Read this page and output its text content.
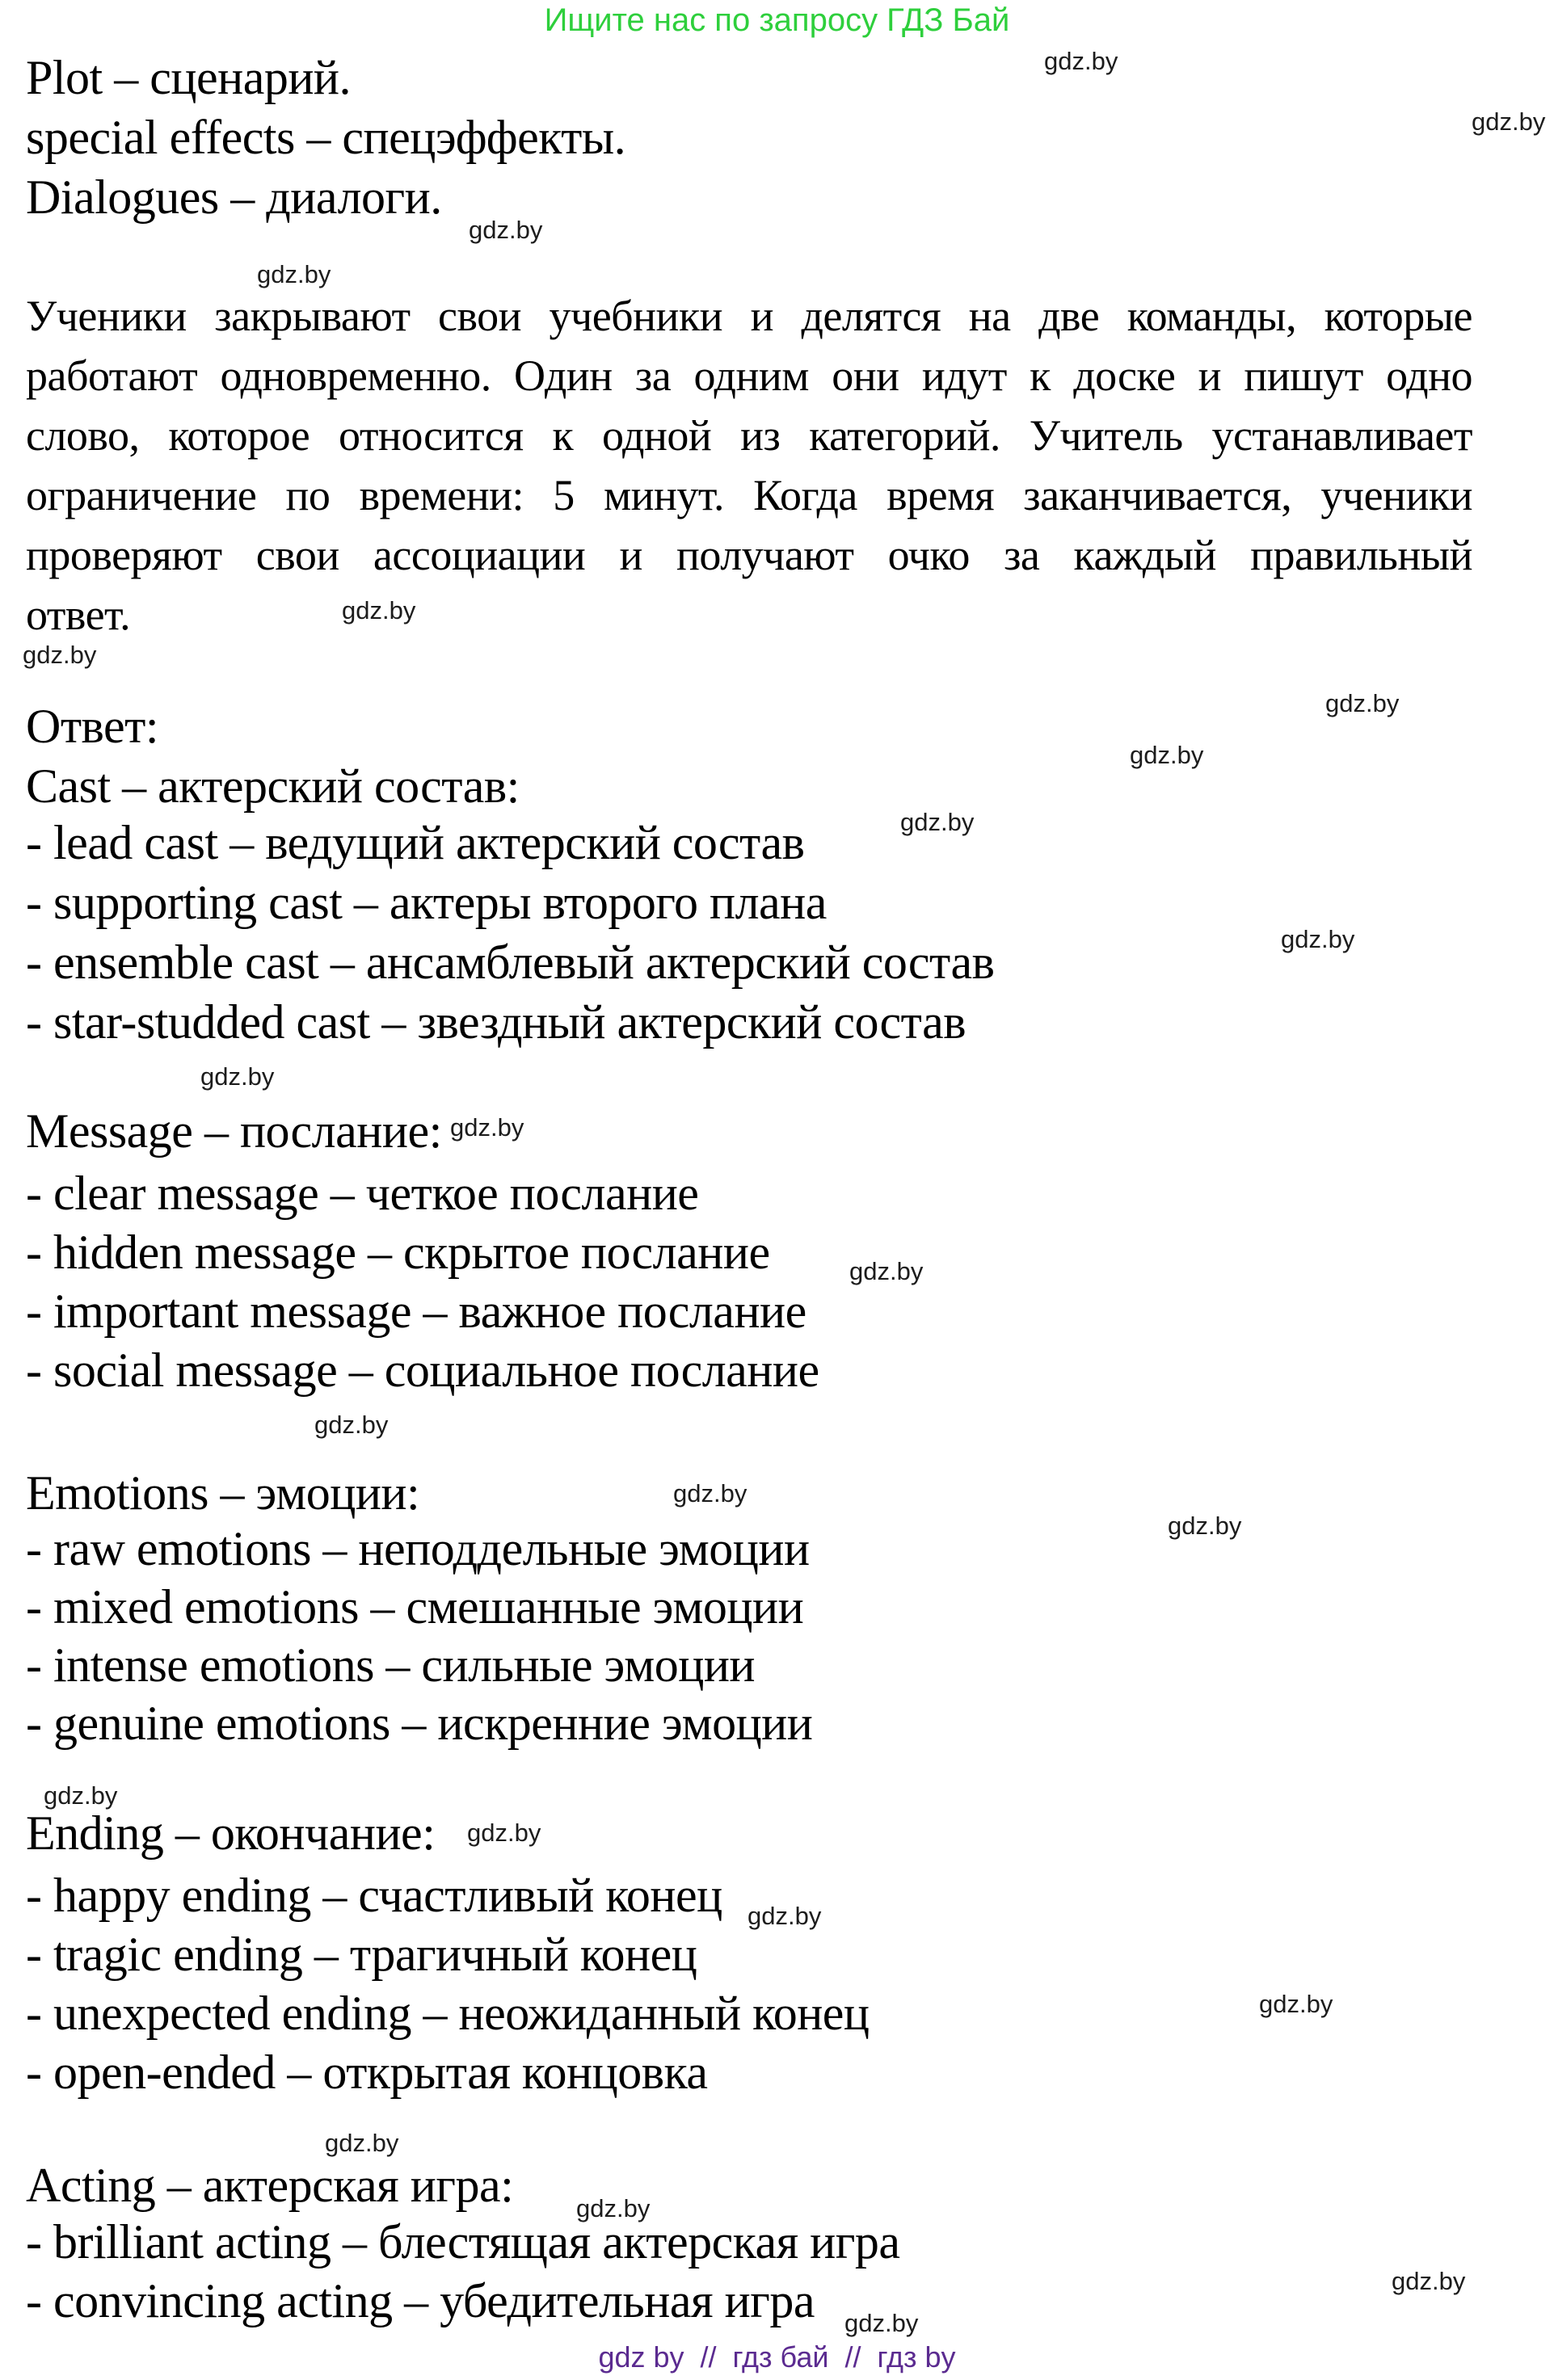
Ищите нас по запросу ГДЗ Бай
Plot – сценарий.
special effects – спецэффекты.
Dialogues – диалоги.
Ученики закрывают свои учебники и делятся на две команды, которые
работают одновременно. Один за одним они идут к доске и пишут одно
слово, которое относится к одной из категорий. Учитель устанавливает
ограничение по времени: 5 минут. Когда время заканчивается, ученики
проверяют свои ассоциации и получают очко за каждый правильный
ответ.
Ответ:
Cast – актерский состав:
- lead cast – ведущий актерский состав
- supporting cast – актеры второго плана
- ensemble cast – ансамблевый актерский состав
- star-studded cast – звездный актерский состав
Message – послание:
- clear message – четкое послание
- hidden message – скрытое послание
- important message – важное послание
- social message – социальное послание
Emotions – эмоции:
- raw emotions – неподдельные эмоции
- mixed emotions – смешанные эмоции
- intense emotions – сильные эмоции
- genuine emotions – искренние эмоции
Ending – окончание:
- happy ending – счастливый конец
- tragic ending – трагичный конец
- unexpected ending – неожиданный конец
- open-ended – открытая концовка
Acting – актерская игра:
- brilliant acting – блестящая актерская игра
- convincing acting – убедительная игра
gdz.by
gdz.by
gdz.by
gdz.by
gdz.by
gdz.by
gdz.by
gdz.by
gdz.by
gdz.by
gdz.by
gdz.by
gdz.by
gdz.by
gdz.by
gdz.by
gdz.by
gdz.by
gdz.by
gdz.by
gdz.by
gdz.by
gdz.by
gdz.by
gdz by  //  гдз бай  //  гдз by
